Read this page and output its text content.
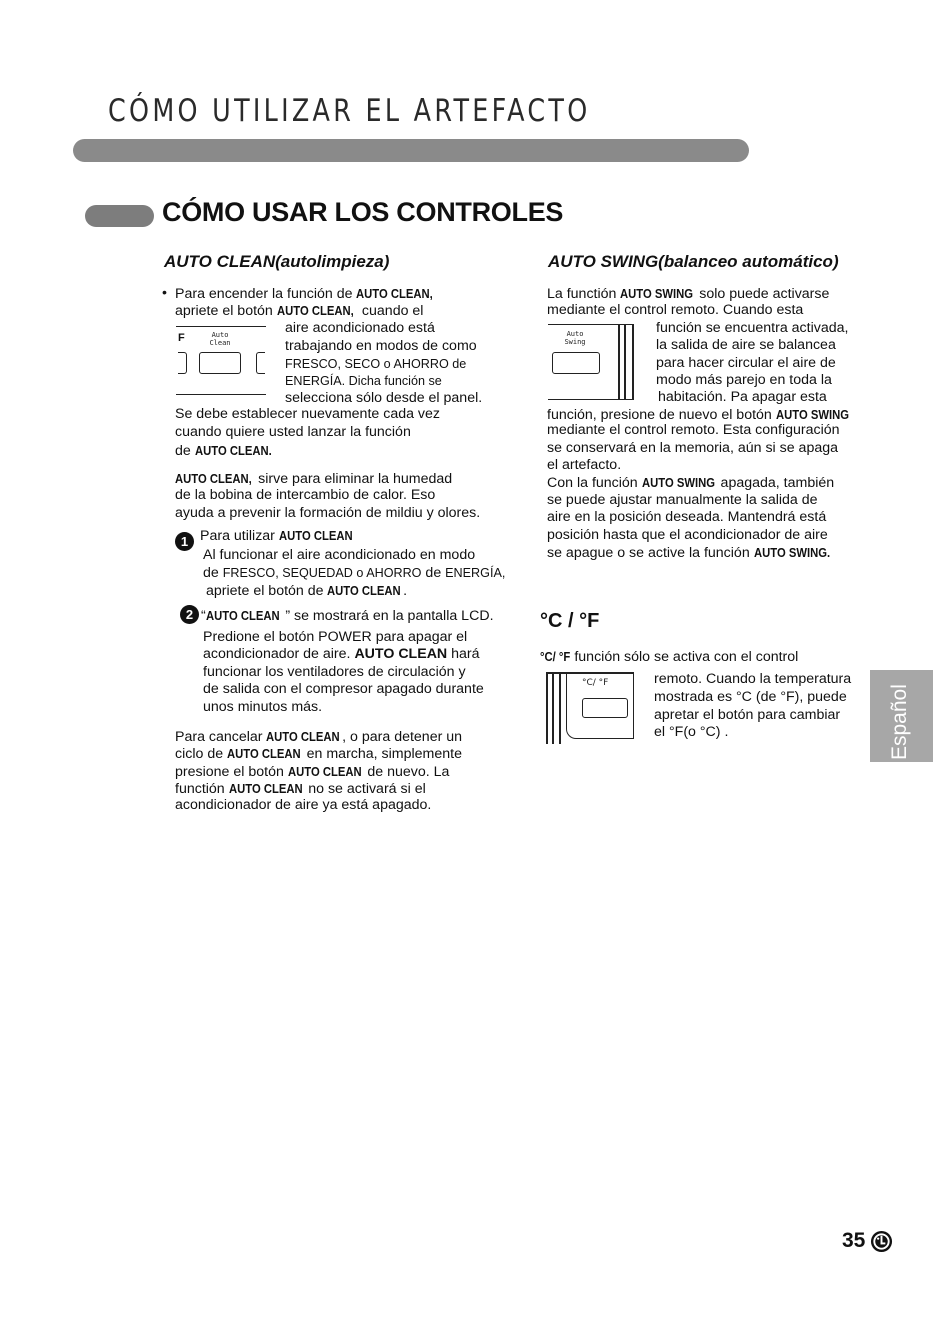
CÓMO UTILIZAR EL ARTEFACTO
CÓMO USAR LOS CONTROLES
AUTO CLEAN(autolimpieza)
• Para encender la función de AUTO CLEAN,
apriete el botón AUTO CLEAN, cuando el
F	Auto
Clean
aire acondicionado está
trabajando en modos de como
FRESCO, SECO o AHORRO de
ENERGÍA. Dicha función se
selecciona sólo desde el panel.
Se debe establecer nuevamente cada vez
cuando quiere usted lanzar la función
de AUTO CLEAN.
AUTO CLEAN, sirve para eliminar la humedad
de la bobina de intercambio de calor. Eso
ayuda a prevenir la formación de mildiu y olores.
1 Para utilizar AUTO CLEAN
Al funcionar el aire acondicionado en modo
de FRESCO, SEQUEDAD o AHORRO de ENERGÍA,
apriete el botón de AUTO CLEAN .
2 “AUTO CLEAN ” se mostrará en la pantalla LCD.
Predione el botón POWER para apagar el
acondicionador de aire. AUTO CLEAN hará
funcionar los ventiladores de circulación y
de salida con el compresor apagado durante
unos minutos más.
Para cancelar AUTO CLEAN , o para detener un
ciclo de AUTO CLEAN en marcha, simplemente
presione el botón AUTO CLEAN de nuevo. La
functión AUTO CLEAN no se activará si el
acondicionador de aire ya está apagado.
AUTO SWING(balanceo automático)
La functión AUTO SWING solo puede activarse
mediante el control remoto. Cuando esta
Auto
Swing
función se encuentra activada,
la salida de aire se balancea
para hacer circular el aire de
modo más parejo en toda la
habitación. Pa apagar esta
función, presione de nuevo el botón AUTO SWING
mediante el control remoto. Esta configuración
se conservará en la memoria, aún si se apaga
el artefacto.
Con la función AUTO SWING apagada, también
se puede ajustar manualmente la salida de
aire en la posición deseada. Mantendrá está
posición hasta que el acondicionador de aire
se apague o se active la función AUTO SWING.
°C / °F
°C/ °F función sólo se activa con el control
°C/ °F	remoto. Cuando la temperatura
mostrada es °C (de °F), puede
apretar el botón para cambiar
el °F(o °C) .	Español
35
